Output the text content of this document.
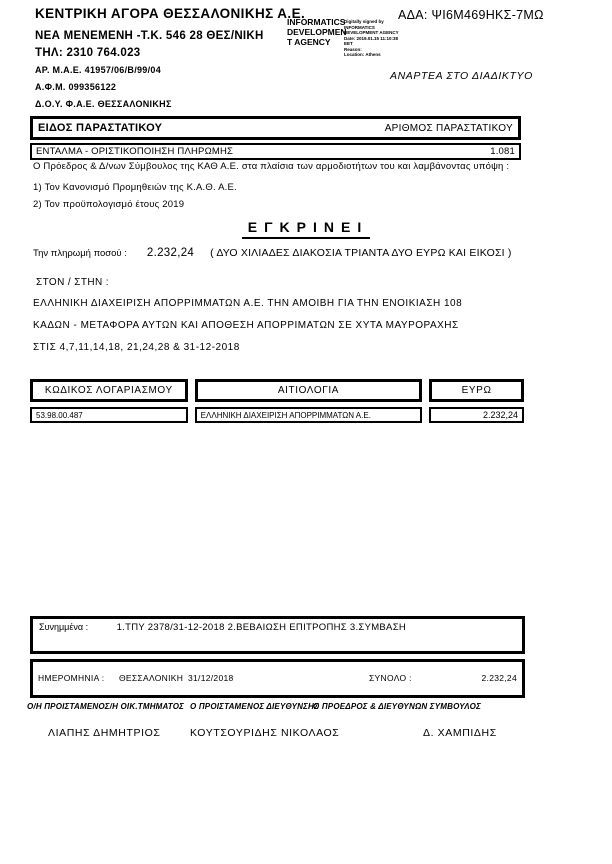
ΚΕΝΤΡΙΚΗ ΑΓΟΡΑ ΘΕΣΣΑΛΟΝΙΚΗΣ Α.Ε.
ΝΕΑ ΜΕΝΕΜΕΝΗ -Τ.Κ. 546 28 ΘΕΣ/ΝΙΚΗ
ΤΗΛ: 2310 764.023
ΑΡ. Μ.Α.Ε. 41957/06/Β/99/04
Α.Φ.Μ. 099356122
Δ.Ο.Υ. Φ.Α.Ε. ΘΕΣΣΑΛΟΝΙΚΗΣ
ΑΔΑ: ΨΙ6Μ469ΗΚΣ-7ΜΩ
INFORMATICS
DEVELOPMEN
T AGENCY
Digitally signed by
INFORMATICS
DEVELOPMENT AGENCY
Date: 2019.01.15 11:10:38
EET
Reason:
Location: Athens
ΑΝΑΡΤΕΑ ΣΤΟ ΔΙΑΔΙΚΤΥΟ
ΕΙΔΟΣ ΠΑΡΑΣΤΑΤΙΚΟΥ	ΑΡΙΘΜΟΣ ΠΑΡΑΣΤΑΤΙΚΟΥ
ΕΝΤΑΛΜΑ - ΟΡΙΣΤΙΚΟΠΟΙΗΣΗ ΠΛΗΡΩΜΗΣ	1.081
Ο Πρόεδρος & Δ/νων Σύμβουλος της ΚΑΘ Α.Ε. στα πλαίσια των αρμοδιοτήτων του και λαμβάνοντας υπόψη :
1) Τον Κανονισμό Προμηθειών της Κ.Α.Θ. Α.Ε.
2) Τον προϋπολογισμό έτους 2019
ΕΓΚΡΙΝΕΙ
Την πληρωμή ποσού : 2.232,24 ( ΔΥΟ ΧΙΛΙΑΔΕΣ ΔΙΑΚΟΣΙΑ ΤΡΙΑΝΤΑ ΔΥΟ ΕΥΡΩ ΚΑΙ ΕΙΚΟΣΙ )
ΣΤΟΝ / ΣΤΗΝ :
ΕΛΛΗΝΙΚΗ ΔΙΑΧΕΙΡΙΣΗ ΑΠΟΡΡΙΜΜΑΤΩΝ Α.Ε. ΤΗΝ ΑΜΟΙΒΗ ΓΙΑ ΤΗΝ ΕΝΟΙΚΙΑΣΗ 108
ΚΑΔΩΝ - ΜΕΤΑΦΟΡΑ ΑΥΤΩΝ ΚΑΙ ΑΠΟΘΕΣΗ ΑΠΟΡΡΙΜΑΤΩΝ ΣΕ ΧΥΤΑ ΜΑΥΡΟΡΑΧΗΣ
ΣΤΙΣ 4,7,11,14,18, 21,24,28 & 31-12-2018
ΚΩΔΙΚΟΣ ΛΟΓΑΡΙΑΣΜΟΥ	ΑΙΤΙΟΛΟΓΙΑ	ΕΥΡΩ
53.98.00.487	ΕΛΛΗΝΙΚΗ ΔΙΑΧΕΙΡΙΣΗ ΑΠΟΡΡΙΜΜΑΤΩΝ Α.Ε.	2.232,24
Συνημμένα :	1.ΤΠΥ 2378/31-12-2018 2.ΒΕΒΑΙΩΣΗ ΕΠΙΤΡΟΠΗΣ 3.ΣΥΜΒΑΣΗ
ΗΜΕΡΟΜΗΝΙΑ : ΘΕΣΣΑΛΟΝΙΚΗ 31/12/2018	ΣΥΝΟΛΟ :	2.232,24
Ο/Η ΠΡΟΙΣΤΑΜΕΝΟΣ/Η ΟΙΚ.ΤΜΗΜΑΤΟΣ Ο ΠΡΟΙΣΤΑΜΕΝΟΣ ΔΙΕΥΘΥΝΣΗΣ
Ο ΠΡΟΕΔΡΟΣ & ΔΙΕΥΘΥΝΩΝ ΣΥΜΒΟΥΛΟΣ
ΛΙΑΠΗΣ ΔΗΜΗΤΡΙΟΣ	ΚΟΥΤΣΟΥΡΙΔΗΣ ΝΙΚΟΛΑΟΣ	Δ. ΧΑΜΠΙΔΗΣ
